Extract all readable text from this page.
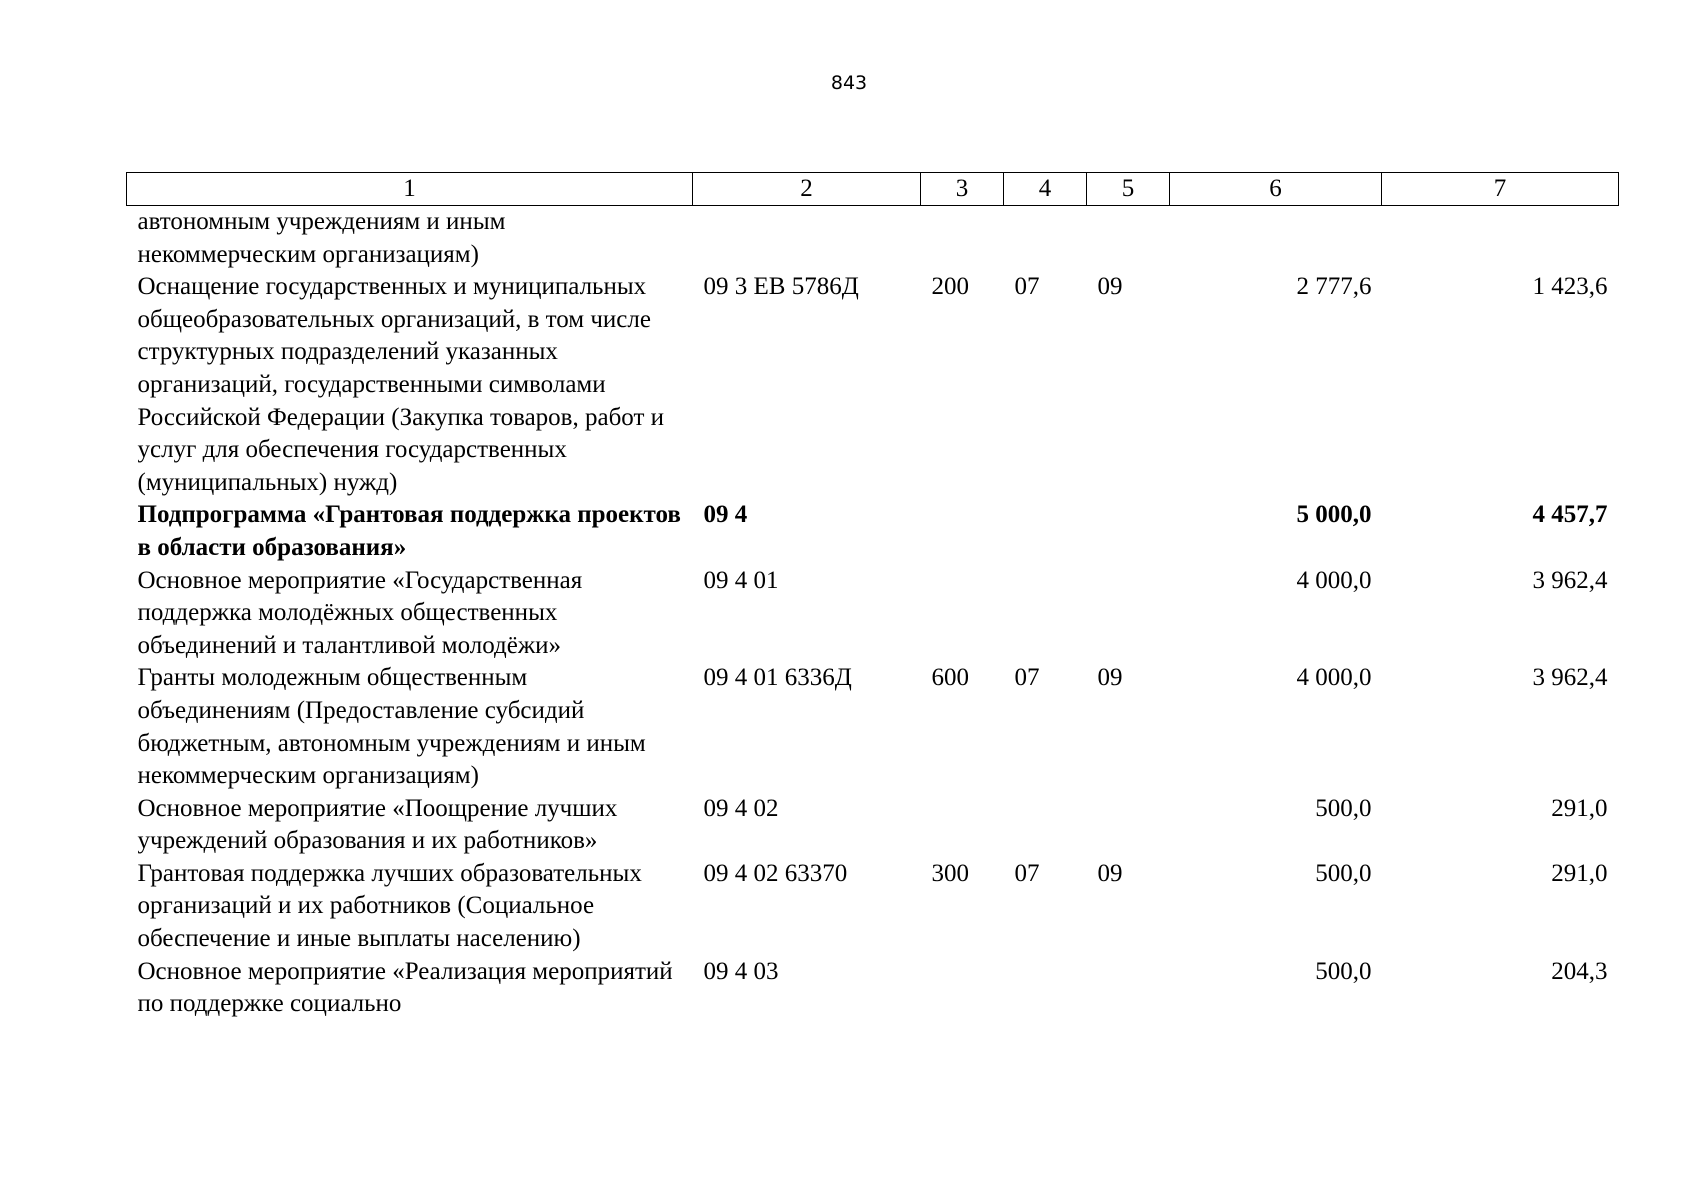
843
1	2	3	4	5	6	7
автономным учреждениям и иным некоммерческим организациям)						
Оснащение государственных и муниципальных общеобразовательных организаций, в том числе структурных подразделений указанных организаций, государственными символами Российской Федерации (Закупка товаров, работ и услуг для обеспечения государственных (муниципальных) нужд)	09 3 ЕВ 5786Д	200	07	09	2 777,6	1 423,6
Подпрограмма «Грантовая поддержка проектов в области образования»	09 4				5 000,0	4 457,7
Основное мероприятие «Государственная поддержка молодёжных общественных объединений и талантливой молодёжи»	09 4 01				4 000,0	3 962,4
Гранты молодежным общественным объединениям (Предоставление субсидий бюджетным, автономным учреждениям и иным некоммерческим организациям)	09 4 01 6336Д	600	07	09	4 000,0	3 962,4
Основное мероприятие «Поощрение лучших учреждений образования и их работников»	09 4 02				500,0	291,0
Грантовая поддержка лучших образовательных организаций и их работников (Социальное обеспечение и иные выплаты населению)	09 4 02 63370	300	07	09	500,0	291,0
Основное мероприятие «Реализация мероприятий по поддержке социально	09 4 03				500,0	204,3
